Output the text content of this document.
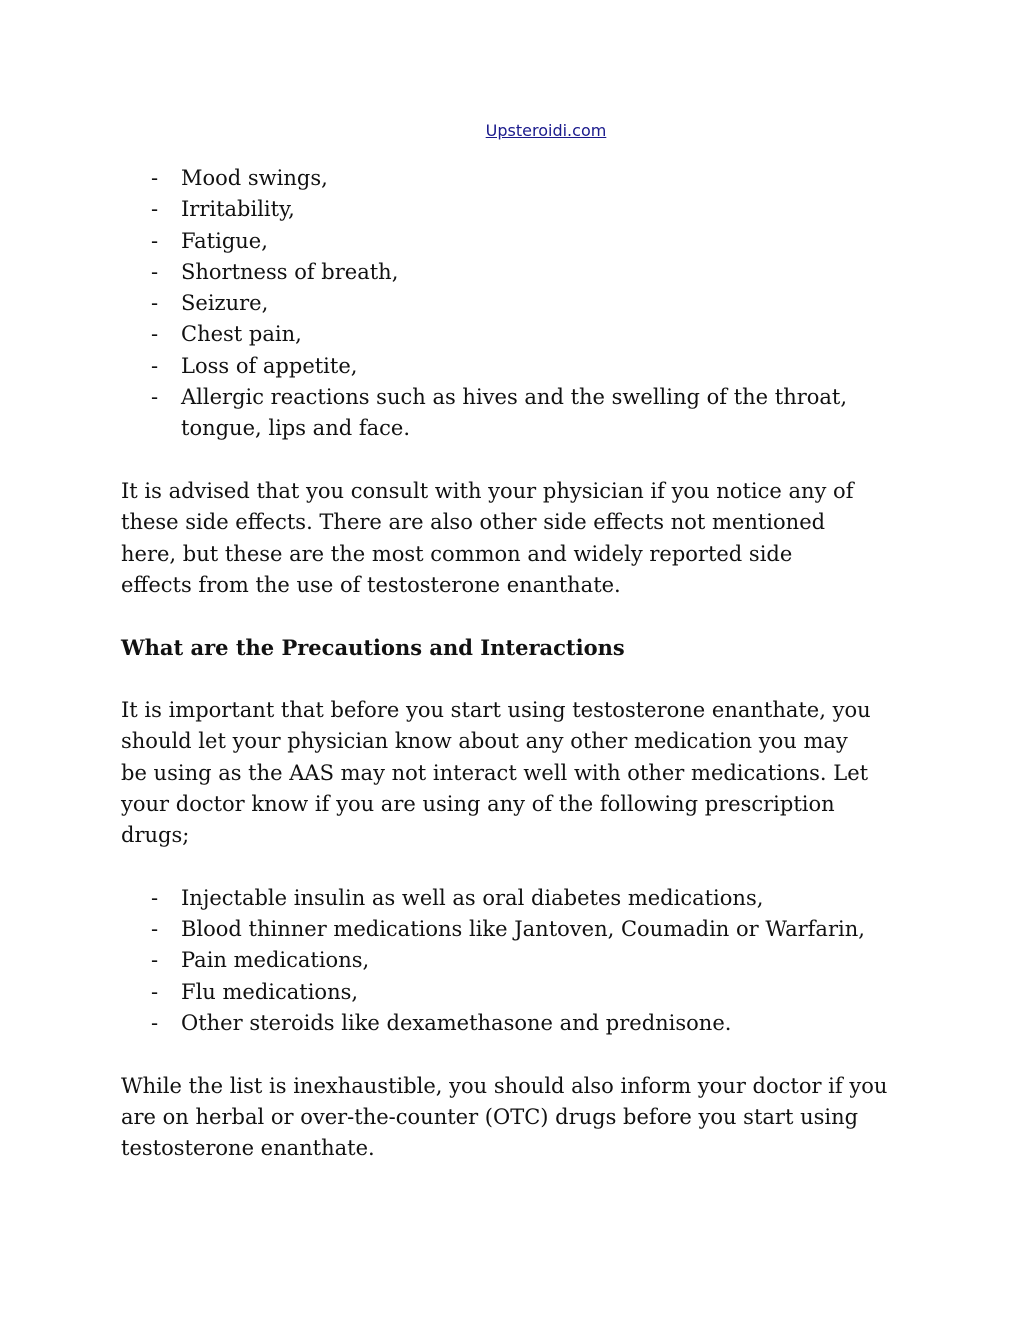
Upsteroidi.com
- Mood swings,
- Irritability,
- Fatigue,
- Shortness of breath,
- Seizure,
- Chest pain,
- Loss of appetite,
- Allergic reactions such as hives and the swelling of the throat, tongue, lips and face.

It is advised that you consult with your physician if you notice any of these side effects. There are also other side effects not mentioned here, but these are the most common and widely reported side effects from the use of testosterone enanthate.

What are the Precautions and Interactions

It is important that before you start using testosterone enanthate, you should let your physician know about any other medication you may be using as the AAS may not interact well with other medications. Let your doctor know if you are using any of the following prescription drugs;

- Injectable insulin as well as oral diabetes medications,
- Blood thinner medications like Jantoven, Coumadin or Warfarin,
- Pain medications,
- Flu medications,
- Other steroids like dexamethasone and prednisone.

While the list is inexhaustible, you should also inform your doctor if you are on herbal or over-the-counter (OTC) drugs before you start using testosterone enanthate.
